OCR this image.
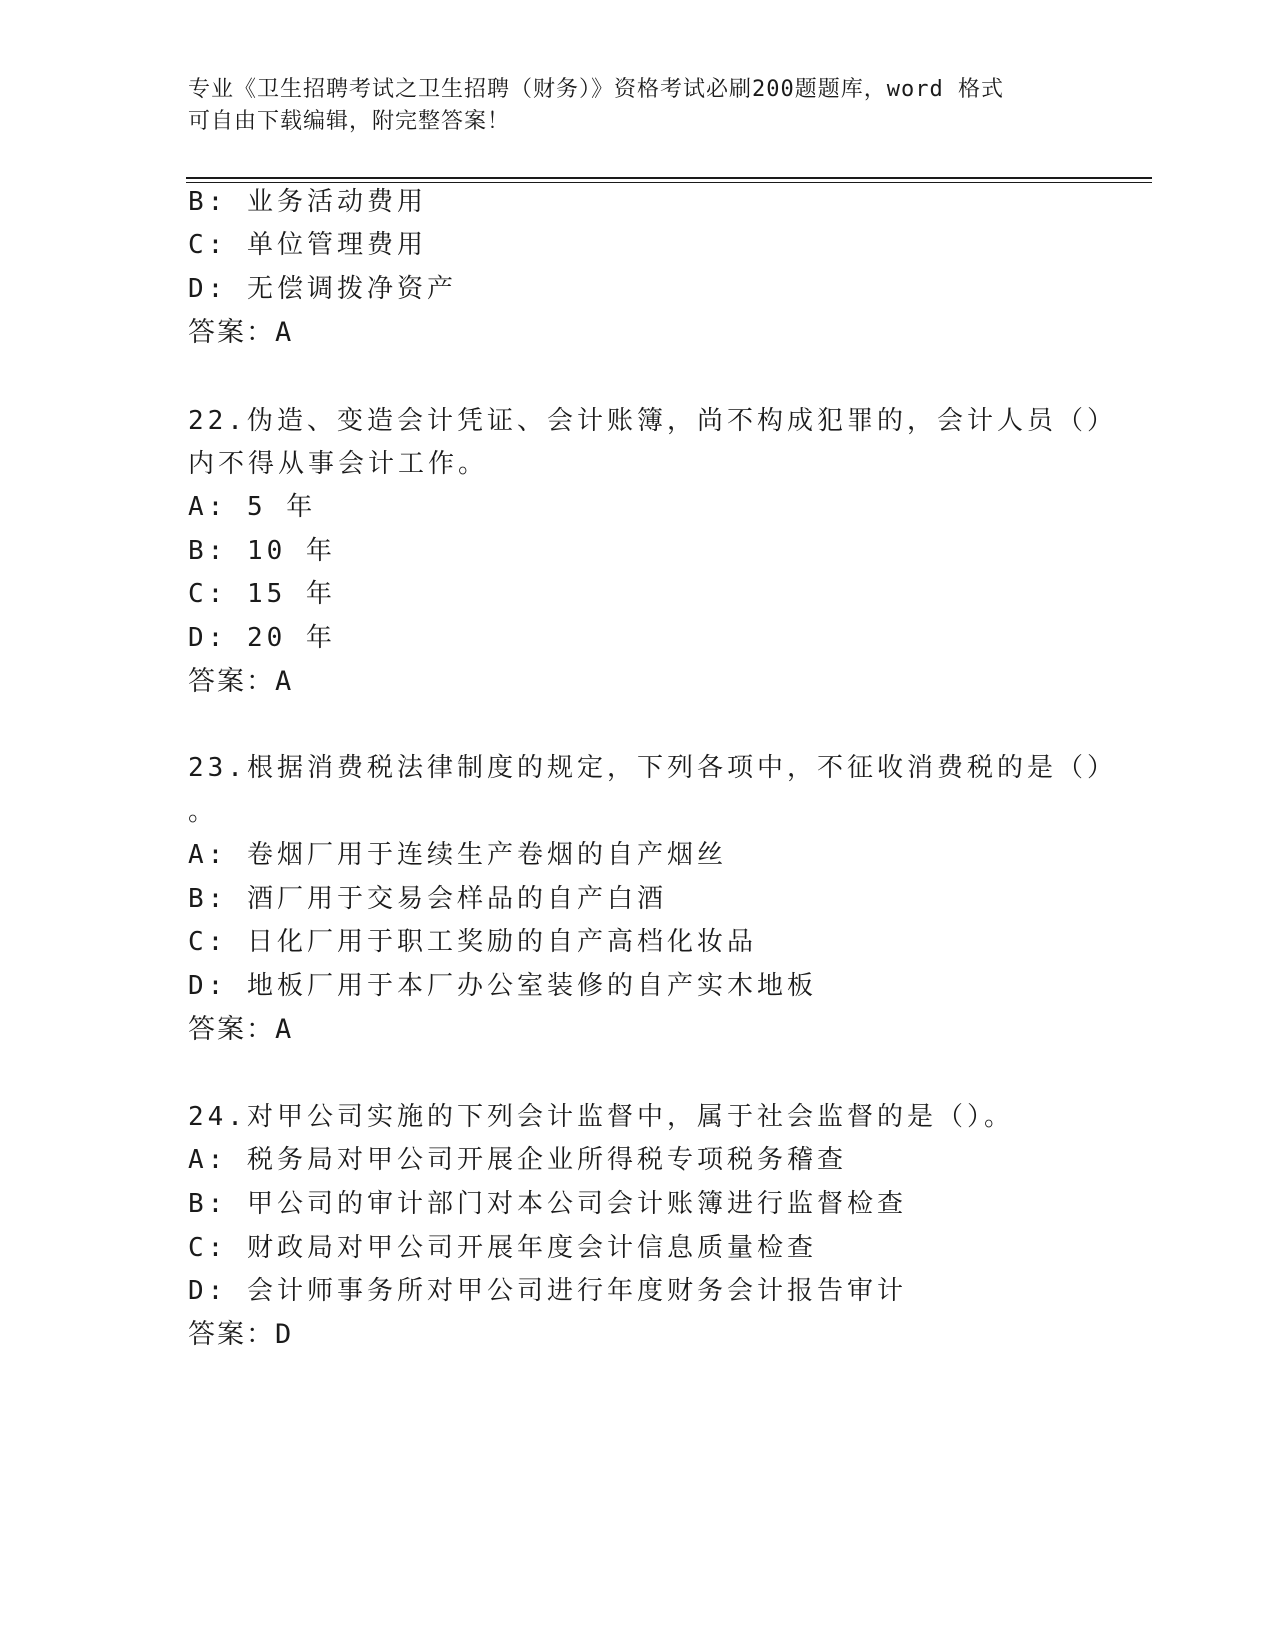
专业《卫生招聘考试之卫生招聘（财务）》资格考试必刷200题题库，word 格式
可自由下载编辑，附完整答案！
B: 业务活动费用
C: 单位管理费用
D: 无偿调拨净资产
答案：A
22.伪造、变造会计凭证、会计账簿，尚不构成犯罪的，会计人员（）
内不得从事会计工作。
A: 5 年
B: 10 年
C: 15 年
D: 20 年
答案：A
23.根据消费税法律制度的规定，下列各项中，不征收消费税的是（）
。
A: 卷烟厂用于连续生产卷烟的自产烟丝
B: 酒厂用于交易会样品的自产白酒
C: 日化厂用于职工奖励的自产高档化妆品
D: 地板厂用于本厂办公室装修的自产实木地板
答案：A
24.对甲公司实施的下列会计监督中，属于社会监督的是（）。
A: 税务局对甲公司开展企业所得税专项税务稽查
B: 甲公司的审计部门对本公司会计账簿进行监督检查
C: 财政局对甲公司开展年度会计信息质量检查
D: 会计师事务所对甲公司进行年度财务会计报告审计
答案：D
